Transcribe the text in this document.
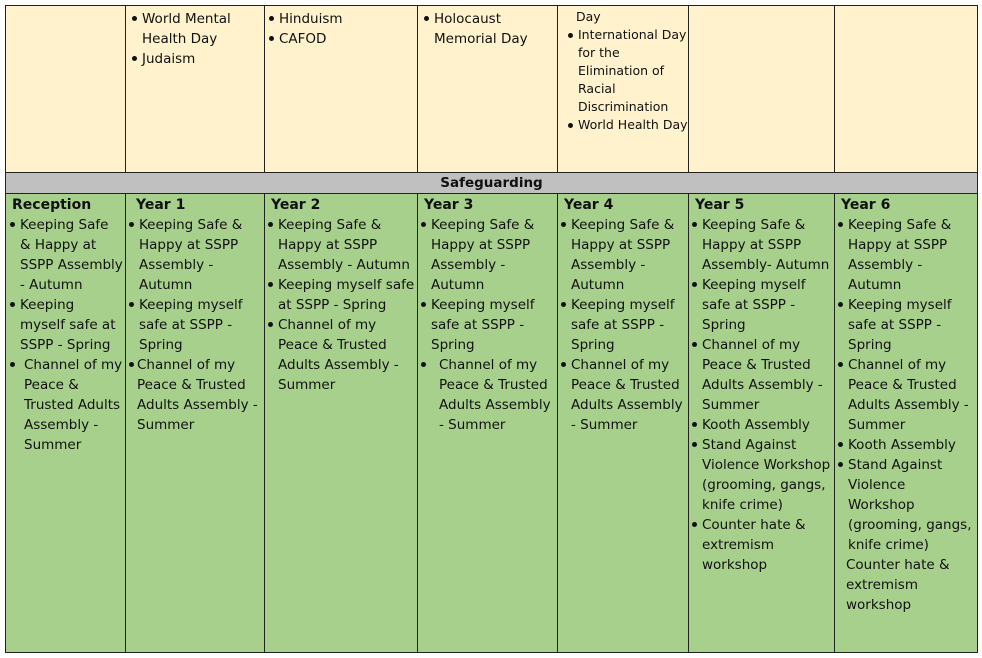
World Mental Health Day
Judaism
Hinduism
CAFOD
Holocaust Memorial Day
Day
International Day for the Elimination of Racial Discrimination
World Health Day
Safeguarding
Reception
Keeping Safe & Happy at SSPP Assembly - Autumn
Keeping myself safe at SSPP - Spring
Channel of my Peace & Trusted Adults Assembly - Summer
Year 1
Keeping Safe & Happy at SSPP Assembly - Autumn
Keeping myself safe at SSPP - Spring
Channel of my Peace & Trusted Adults Assembly - Summer
Year 2
Keeping Safe & Happy at SSPP Assembly - Autumn
Keeping myself safe at SSPP - Spring
Channel of my Peace & Trusted Adults Assembly - Summer
Year 3
Keeping Safe & Happy at SSPP Assembly - Autumn
Keeping myself safe at SSPP - Spring
Channel of my Peace & Trusted Adults Assembly - Summer
Year 4
Keeping Safe & Happy at SSPP Assembly - Autumn
Keeping myself safe at SSPP - Spring
Channel of my Peace & Trusted Adults Assembly - Summer
Year 5
Keeping Safe & Happy at SSPP Assembly- Autumn
Keeping myself safe at SSPP - Spring
Channel of my Peace & Trusted Adults Assembly - Summer
Kooth Assembly
Stand Against Violence Workshop (grooming, gangs, knife crime)
Counter hate & extremism workshop
Year 6
Keeping Safe & Happy at SSPP Assembly - Autumn
Keeping myself safe at SSPP - Spring
Channel of my Peace & Trusted Adults Assembly - Summer
Kooth Assembly
Stand Against Violence Workshop (grooming, gangs, knife crime)
Counter hate & extremism workshop
